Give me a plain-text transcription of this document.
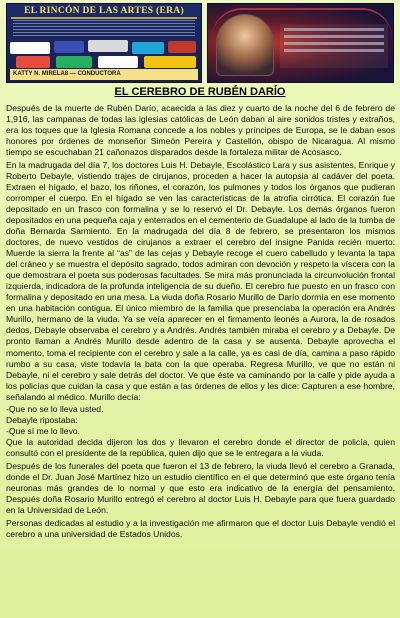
EL RINCÓN DE LAS ARTES (ERA)
KATTY N. MIRELA8 — CONDUCTORA
EL CEREBRO DE RUBÉN DARÍO

Después de la muerte de Rubén Darío, acaecida a las diez y cuarto de la noche del 6 de febrero de 1,916, las campanas de todas las iglesias católicas de León daban al aire sonidos tristes y extraños, era los toques que la Iglesia Romana concede a los nobles y príncipes de Europa, se le daban esos honores por órdenes de monseñor Simeón Pereira y Castellón, obispo de Nicaragua. Al mismo tiempo se escuchaban 21 cañonazos disparados desde la fortaleza militar de Acosasco.

En la madrugada del día 7, los doctores Luis H. Debayle, Escolástico Lara y sus asistentes, Enrique y Roberto Debayle, vistiendo trajes de cirujanos, proceden a hacer la autopsia al cadáver del poeta. Extraen el hígado, el bazo, los riñones, el corazón, los pulmones y todos los órganos que pudieran corromper el cuerpo. En el hígado se ven las características de la atrofia cirrótica. El corazón fue depositado en un frasco con formalina y se lo reservó el Dr. Debayle. Los demás órganos fueron depositados en una pequeña caja y enterrados en el cementerio de Guadalupe al lado de la tumba de doña Bernarda Sarmiento. En la madrugada del día 8 de febrero, se presentaron los mismos doctores, de nuevo vestidos de cirujanos a extraer el cerebro del insigne Panida recién muerto: Muerde la sierra la frente al “as” de las cejas y Debayle recoge el cuero cabelludo y levanta la tapa del cráneo y se muestra el depósito sagrado, todos admiran con devoción y respeto la víscera con la que demostrara el poeta sus poderosas facultades. Se mira más pronunciada la circunvolución frontal izquierda, indicadora de la profunda inteligencia de su dueño. El cerebro fue puesto en un frasco con formalina y depositado en una mesa. La viuda doña Rosario Murillo de Darío dormía en ese momento en una habitación contigua. El único miembro de la familia que presenciaba la operación era Andrés Murillo, hermano de la viuda. Ya se veía aparecer en el firmamento leonés a Aurora, la de rosados dedos, Debayle observaba el cerebro y a Andrés. Andrés también miraba el cerebro y a Debayle. De pronto llaman a Andrés Murillo desde adentro de la casa y se ausenta. Debayle aprovecha el momento, toma el recipiente con el cerebro y sale a la calle, ya es casi de día, camina a paso rápido rumbo a su casa, viste todavía la bata con la que operaba. Regresa Murillo, ve que no están ni Debayle, ni el cerebro y sale detrás del doctor. Ve que éste va caminando por la calle y pide ayuda a los policías que cuidan la casa y que están a las órdenes de ellos y les dice: Capturen a ese hombre, señalando al médico. Murillo decía:

-Que no se lo lleva usted.
Debayle ripostaba:
-Que sí me lo llevo.

Que la autoridad decida dijeron los dos y llevaron el cerebro donde el director de policía, quien consultó con el presidente de la república, quien dijo que se le entregara a la viuda.

Después de los funerales del poeta que fueron el 13 de febrero, la viuda llevó el cerebro a Granada, donde el Dr. Juan José Martínez hizo un estudio científico en el que determinó que este órgano tenía neuronas más grandes de lo normal y que esto era indicativo de la energía del pensamiento. Después doña Rosario Murillo entregó el cerebro al doctor Luis H. Debayle para que fuera guardado en la Universidad de León.

Personas dedicadas al estudio y a la investigación me afirmaron que el doctor Luis Debayle vendió el cerebro a una universidad de Estados Unidos.
